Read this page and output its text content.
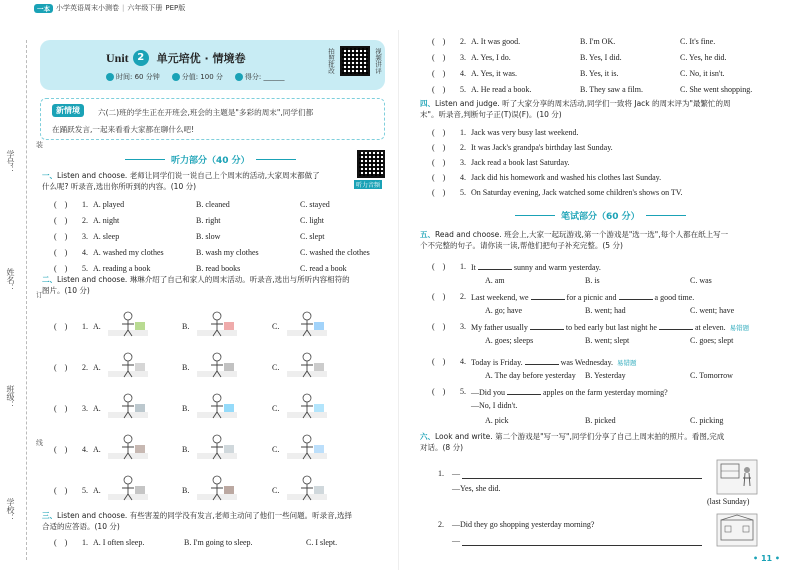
学号：
姓名：
班级：
学校：
装
订
线
一本 小学英语周末小测卷 | 六年级下册 PEP版
Unit 2	单元培优 · 情境卷
时间: 60 分钟	分值: 100 分	得分: ______
拍照批改	视频讲评
新情境	六(二)班的学生正在开班会,班会的主题是"多彩的周末",同学们都
在踊跃发言,一起来看看大家都在聊什么吧!
听力部分（40 分）
听力音频
一、Listen and choose. 老师让同学们说一说自己上个周末的活动,大家周末都做了
什么呢? 听录音,选出你所听到的内容。(10 分)
(    ) 1. A. played	B. cleaned	C. stayed
(    ) 2. A. night	B. right	C. light
(    ) 3. A. sleep	B. slow	C. slept
(    ) 4. A. washed my clothes	B. wash my clothes	C. washed the clothes
(    ) 5. A. reading a book	B. read books	C. read a book
二、Listen and choose. 琳琳介绍了自己和家人的周末活动。听录音,选出与所听内容相符的
图片。(10 分)
(    ) 1. A.	B.	C.
(    ) 2. A.	B.	C.
(    ) 3. A.	B.	C.
(    ) 4. A.	B.	C.
(    ) 5. A.	B.	C.
三、Listen and choose. 有些害羞的同学没有发言,老师主动问了他们一些问题。听录音,选择
合适的应答语。(10 分)
(    ) 1. A. I often sleep.	B. I'm going to sleep.	C. I slept.
(    ) 2. A. It was good.	B. I'm OK.	C. It's fine.
(    ) 3. A. Yes, I do.	B. Yes, I did.	C. Yes, he did.
(    ) 4. A. Yes, it was.	B. Yes, it is.	C. No, it isn't.
(    ) 5. A. He read a book.	B. They saw a film.	C. She went shopping.
四、Listen and judge. 听了大家分享的周末活动,同学们一致将 Jack 的周末评为"最繁忙的周
末"。听录音,判断句子正(T)误(F)。(10 分)
(    ) 1. Jack was very busy last weekend.
(    ) 2. It was Jack's grandpa's birthday last Sunday.
(    ) 3. Jack read a book last Saturday.
(    ) 4. Jack did his homework and washed his clothes last Sunday.
(    ) 5. On Saturday evening, Jack watched some children's shows on TV.
笔试部分（60 分）
五、Read and choose. 班会上,大家一起玩游戏,第一个游戏是"选一选",每个人都在纸上写一
个不完整的句子。请你读一读,帮他们把句子补充完整。(5 分)
(    ) 1. It	sunny and warm yesterday.
A. am	B. is	C. was
(    ) 2. Last weekend, we	for a picnic and	a good time.
A. go; have	B. went; had	C. went; have
(    ) 3. My father usually	to bed early but last night he	at eleven. 易错题
A. goes; sleeps	B. went; slept	C. goes; slept
(    ) 4. Today is Friday.	was Wednesday. 易错题
A. The day before yesterday B. Yesterday	C. Tomorrow
(    ) 5. —Did you	apples on the farm yesterday morning?
—No, I didn't.
A. pick	B. picked	C. picking
六、Look and write. 第二个游戏是"写一写",同学们分享了自己上周末拍的照片。看图,完成
对话。(8 分)
1. —
—Yes, she did.
(last Sunday)
2. —Did they go shopping yesterday morning?
—
• 11 •
